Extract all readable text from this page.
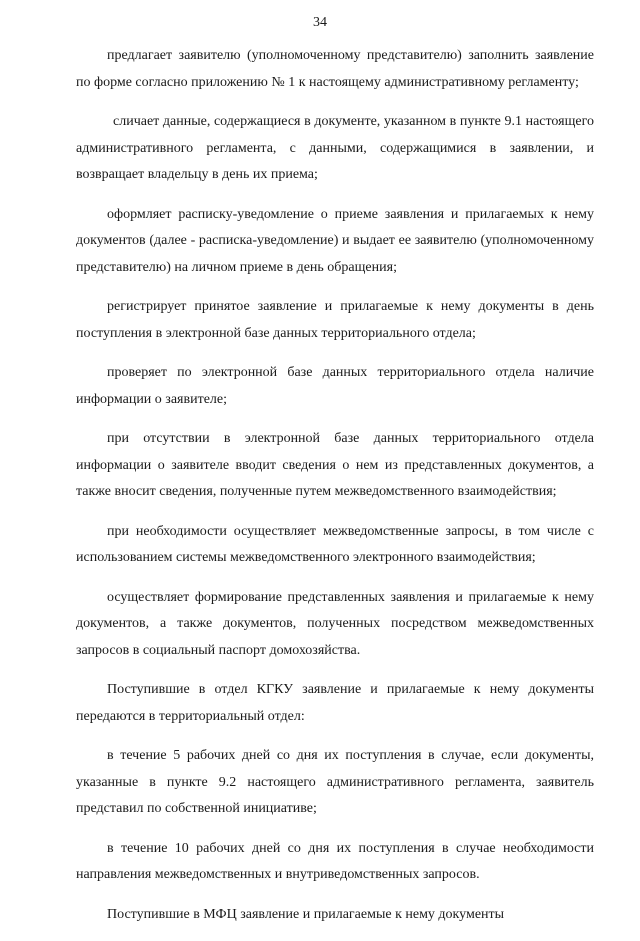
34

предлагает заявителю (уполномоченному представителю) заполнить заявление по форме согласно приложению № 1 к настоящему административному регламенту;

сличает данные, содержащиеся в документе, указанном в пункте 9.1 настоящего административного регламента, с данными, содержащимися в заявлении, и возвращает владельцу в день их приема;

оформляет расписку-уведомление о приеме заявления и прилагаемых к нему документов (далее - расписка-уведомление) и выдает ее заявителю (уполномоченному представителю) на личном приеме в день обращения;

регистрирует принятое заявление и прилагаемые к нему документы в день поступления в электронной базе данных территориального отдела;

проверяет по электронной базе данных территориального отдела наличие информации о заявителе;

при отсутствии в электронной базе данных территориального отдела информации о заявителе вводит сведения о нем из представленных документов, а также вносит сведения, полученные путем межведомственного взаимодействия;

при необходимости осуществляет межведомственные запросы, в том числе с использованием системы межведомственного электронного взаимодействия;

осуществляет формирование представленных заявления и прилагаемые к нему документов, а также документов, полученных посредством межведомственных запросов в социальный паспорт домохозяйства.

Поступившие в отдел КГКУ заявление и прилагаемые к нему документы передаются в территориальный отдел:

в течение 5 рабочих дней со дня их поступления в случае, если документы, указанные в пункте 9.2 настоящего административного регламента, заявитель представил по собственной инициативе;

в течение 10 рабочих дней со дня их поступления в случае необходимости направления межведомственных и внутриведомственных запросов.

Поступившие в МФЦ заявление и прилагаемые к нему документы
